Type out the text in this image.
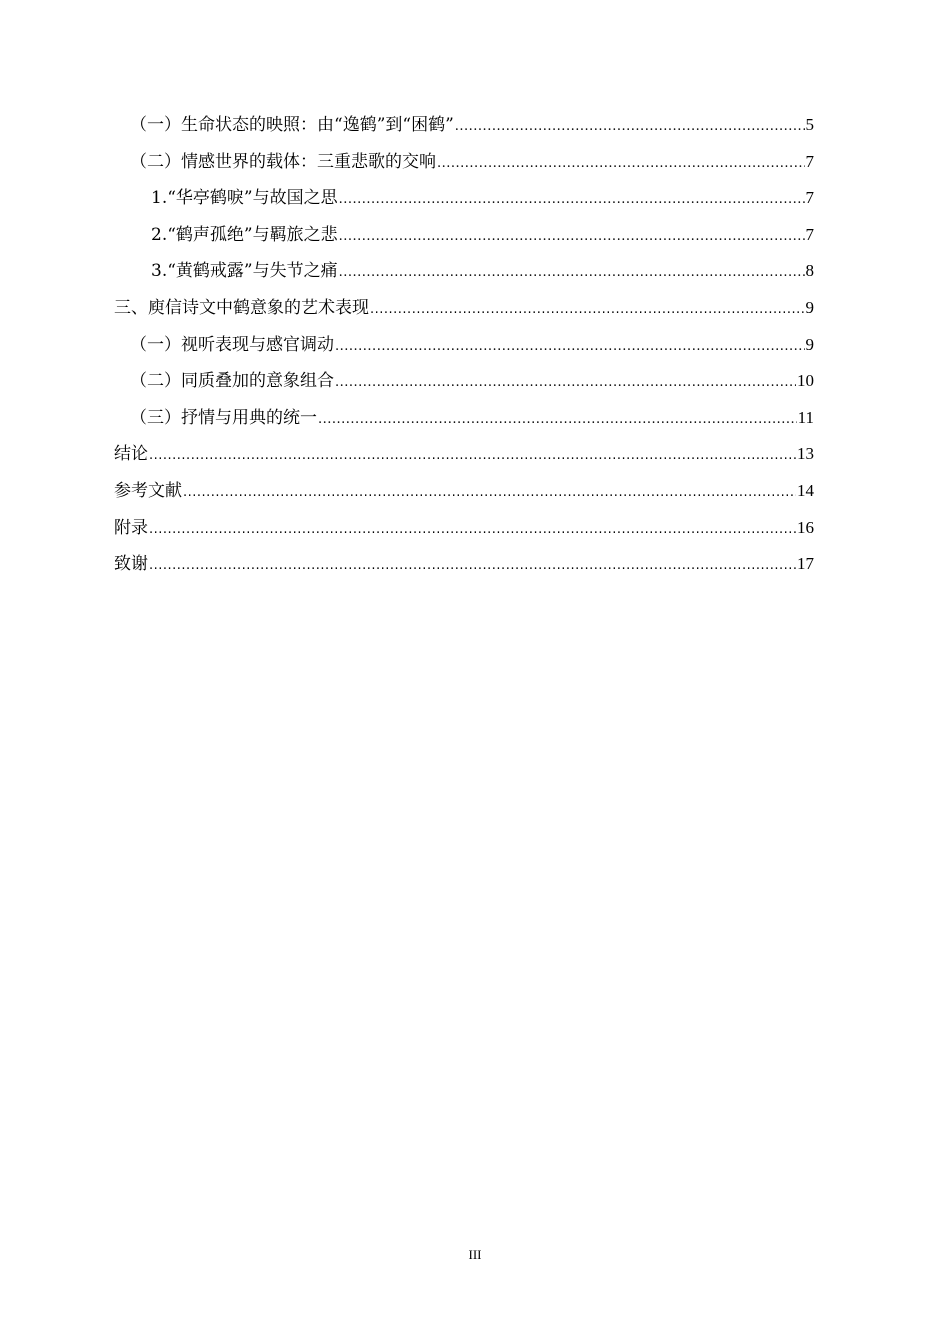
（一） 生命状态的映照：由“逸鹤”到“困鹤” .....	5
（二） 情感世界的载体：三重悲歌的交响 .....	7
1. “华亭鹤唳”与故国之思 .....	7
2. “鹤声孤绝”与羁旅之悲 .....	7
3. “黄鹤戒露”与失节之痛 .....	8
三、 庾信诗文中鹤意象的艺术表现 .....	9
（一） 视听表现与感官调动 .....	9
（二） 同质叠加的意象组合 .....	10
（三） 抒情与用典的统一 .....	11
结论 .....	13
参考文献 .....	14
附录 .....	16
致谢 .....	17
III
